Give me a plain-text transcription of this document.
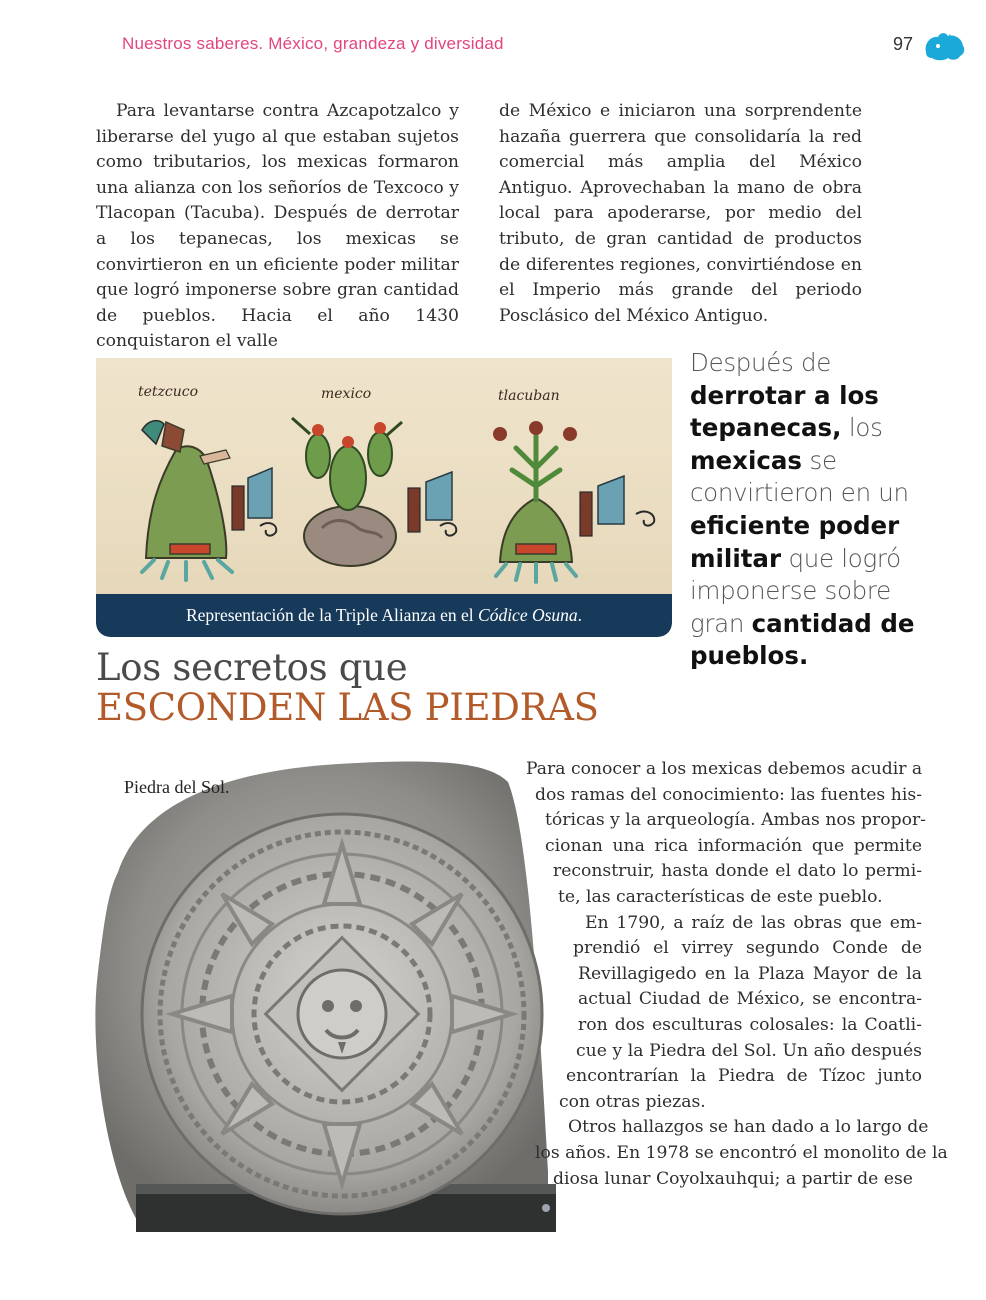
Nuestros saberes. México, grandeza y diversidad	97

Para levantarse contra Azcapotzalco y liberarse del yugo al que estaban sujetos como tributarios, los mexicas formaron una alianza con los señoríos de Texcoco y Tlacopan (Tacuba). Después de derrotar a los tepanecas, los mexicas se convirtieron en un eficiente poder militar que logró imponerse sobre gran cantidad de pueblos. Hacia el año 1430 conquistaron el valle

de México e iniciaron una sorprendente hazaña guerrera que consolidaría la red comercial más amplia del México Antiguo. Aprovechaban la mano de obra local para apoderarse, por medio del tributo, de gran cantidad de productos de diferentes regiones, convirtiéndose en el Imperio más grande del periodo Posclásico del México Antiguo.

tetzcuco	mexico	tlacuban
Representación de la Triple Alianza en el Códice Osuna.
Después de derrotar a los tepanecas, los mexicas se convirtieron en un eficiente poder militar que logró imponerse sobre gran cantidad de pueblos.
Los secretos que
ESCONDEN LAS PIEDRAS
Piedra del Sol.
Para conocer a los mexicas debemos acudir a
dos ramas del conocimiento: las fuentes his-
tóricas y la arqueología. Ambas nos propor-
cionan una rica información que permite
reconstruir, hasta donde el dato lo permi-
te, las características de este pueblo.
En 1790, a raíz de las obras que em-
prendió el virrey segundo Conde de
Revillagigedo en la Plaza Mayor de la
actual Ciudad de México, se encontra-
ron dos esculturas colosales: la Coatli-
cue y la Piedra del Sol. Un año después
encontrarían la Piedra de Tízoc junto
con otras piezas.
Otros hallazgos se han dado a lo largo de
los años. En 1978 se encontró el monolito de la
diosa lunar Coyolxauhqui; a partir de ese
